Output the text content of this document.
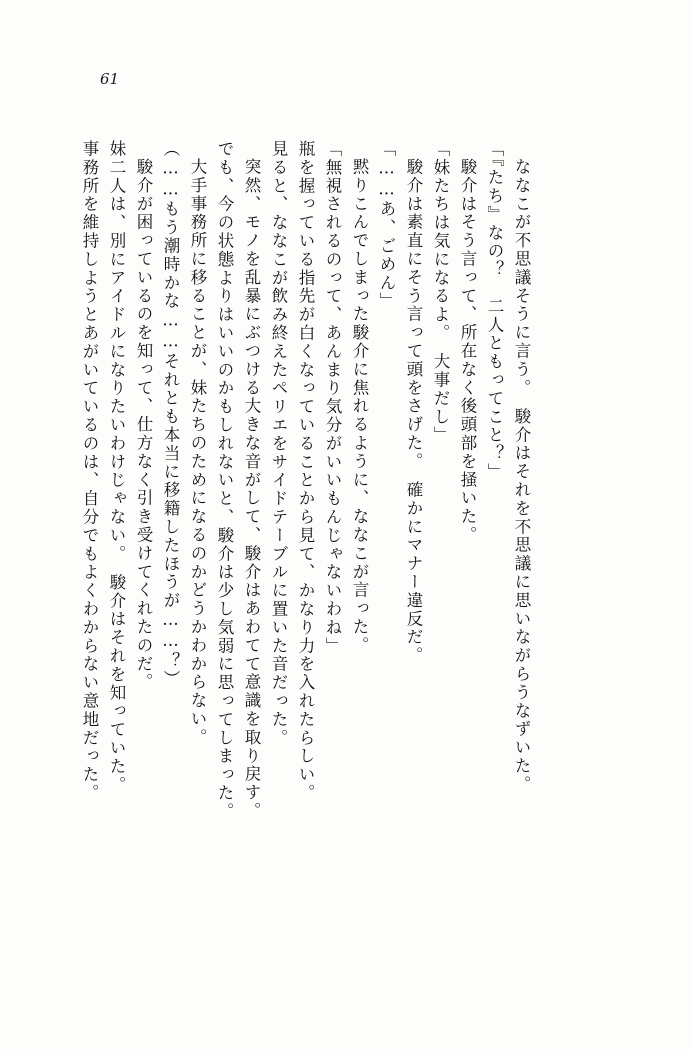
61
事務所を維持しようとあがいているのは、自分でもよくわからない意地だった。 妹二人は、別にアイドルになりたいわけじゃない。　駿介はそれを知っていた。 駿介が困っているのを知って、仕方なく引き受けてくれたのだ。 （……もう潮時かな……それとも本当に移籍したほうが……？） 大手事務所に移ることが、妹たちのためになるのかどうかわからない。 でも、今の状態よりはいいのかもしれないと、駿介は少し気弱に思ってしまった。 突然、モノを乱暴にぶつける大きな音がして、駿介はあわてて意識を取り戻す。 見ると、ななこが飲み終えたペリエをサイドテーブルに置いた音だった。 瓶を握っている指先が白くなっていることから見て、かなり力を入れたらしい。 「無視されるのって、あんまり気分がいいもんじゃないわね」 黙りこんでしまった駿介に焦れるように、ななこが言った。 「……あ、ごめん」 駿介は素直にそう言って頭をさげた。　確かにマナー違反だ。 「妹たちは気になるよ。　大事だし」 駿介はそう言って、所在なく後頭部を掻いた。 「『たち』なの？　二人ともってこと？」 ななこが不思議そうに言う。　駿介はそれを不思議に思いながらうなずいた。
